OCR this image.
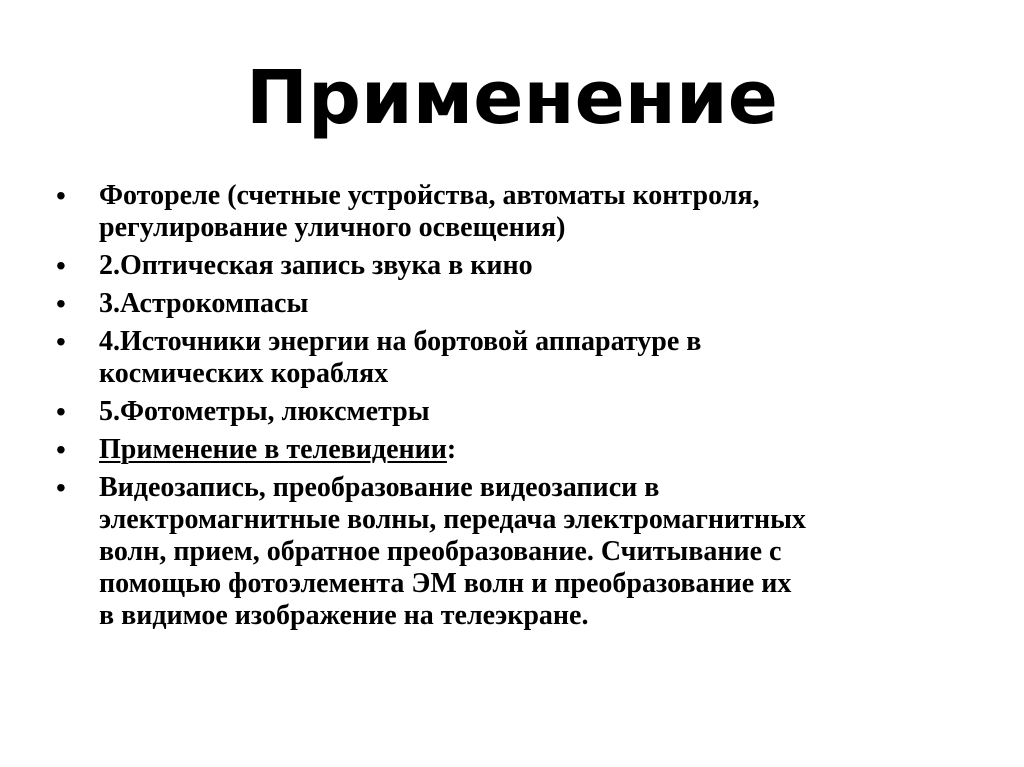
Применение
•	Фотореле (счетные устройства, автоматы контроля,
регулирование уличного освещения)
•	2.Оптическая запись звука в кино
•	3.Астрокомпасы
•	4.Источники энергии на бортовой аппаратуре в
космических кораблях
•	5.Фотометры, люксметры
•	Применение в телевидении:
•	Видеозапись, преобразование видеозаписи в
электромагнитные волны, передача электромагнитных
волн, прием, обратное преобразование. Считывание с
помощью фотоэлемента ЭМ волн и преобразование их
в видимое изображение на телеэкране.
